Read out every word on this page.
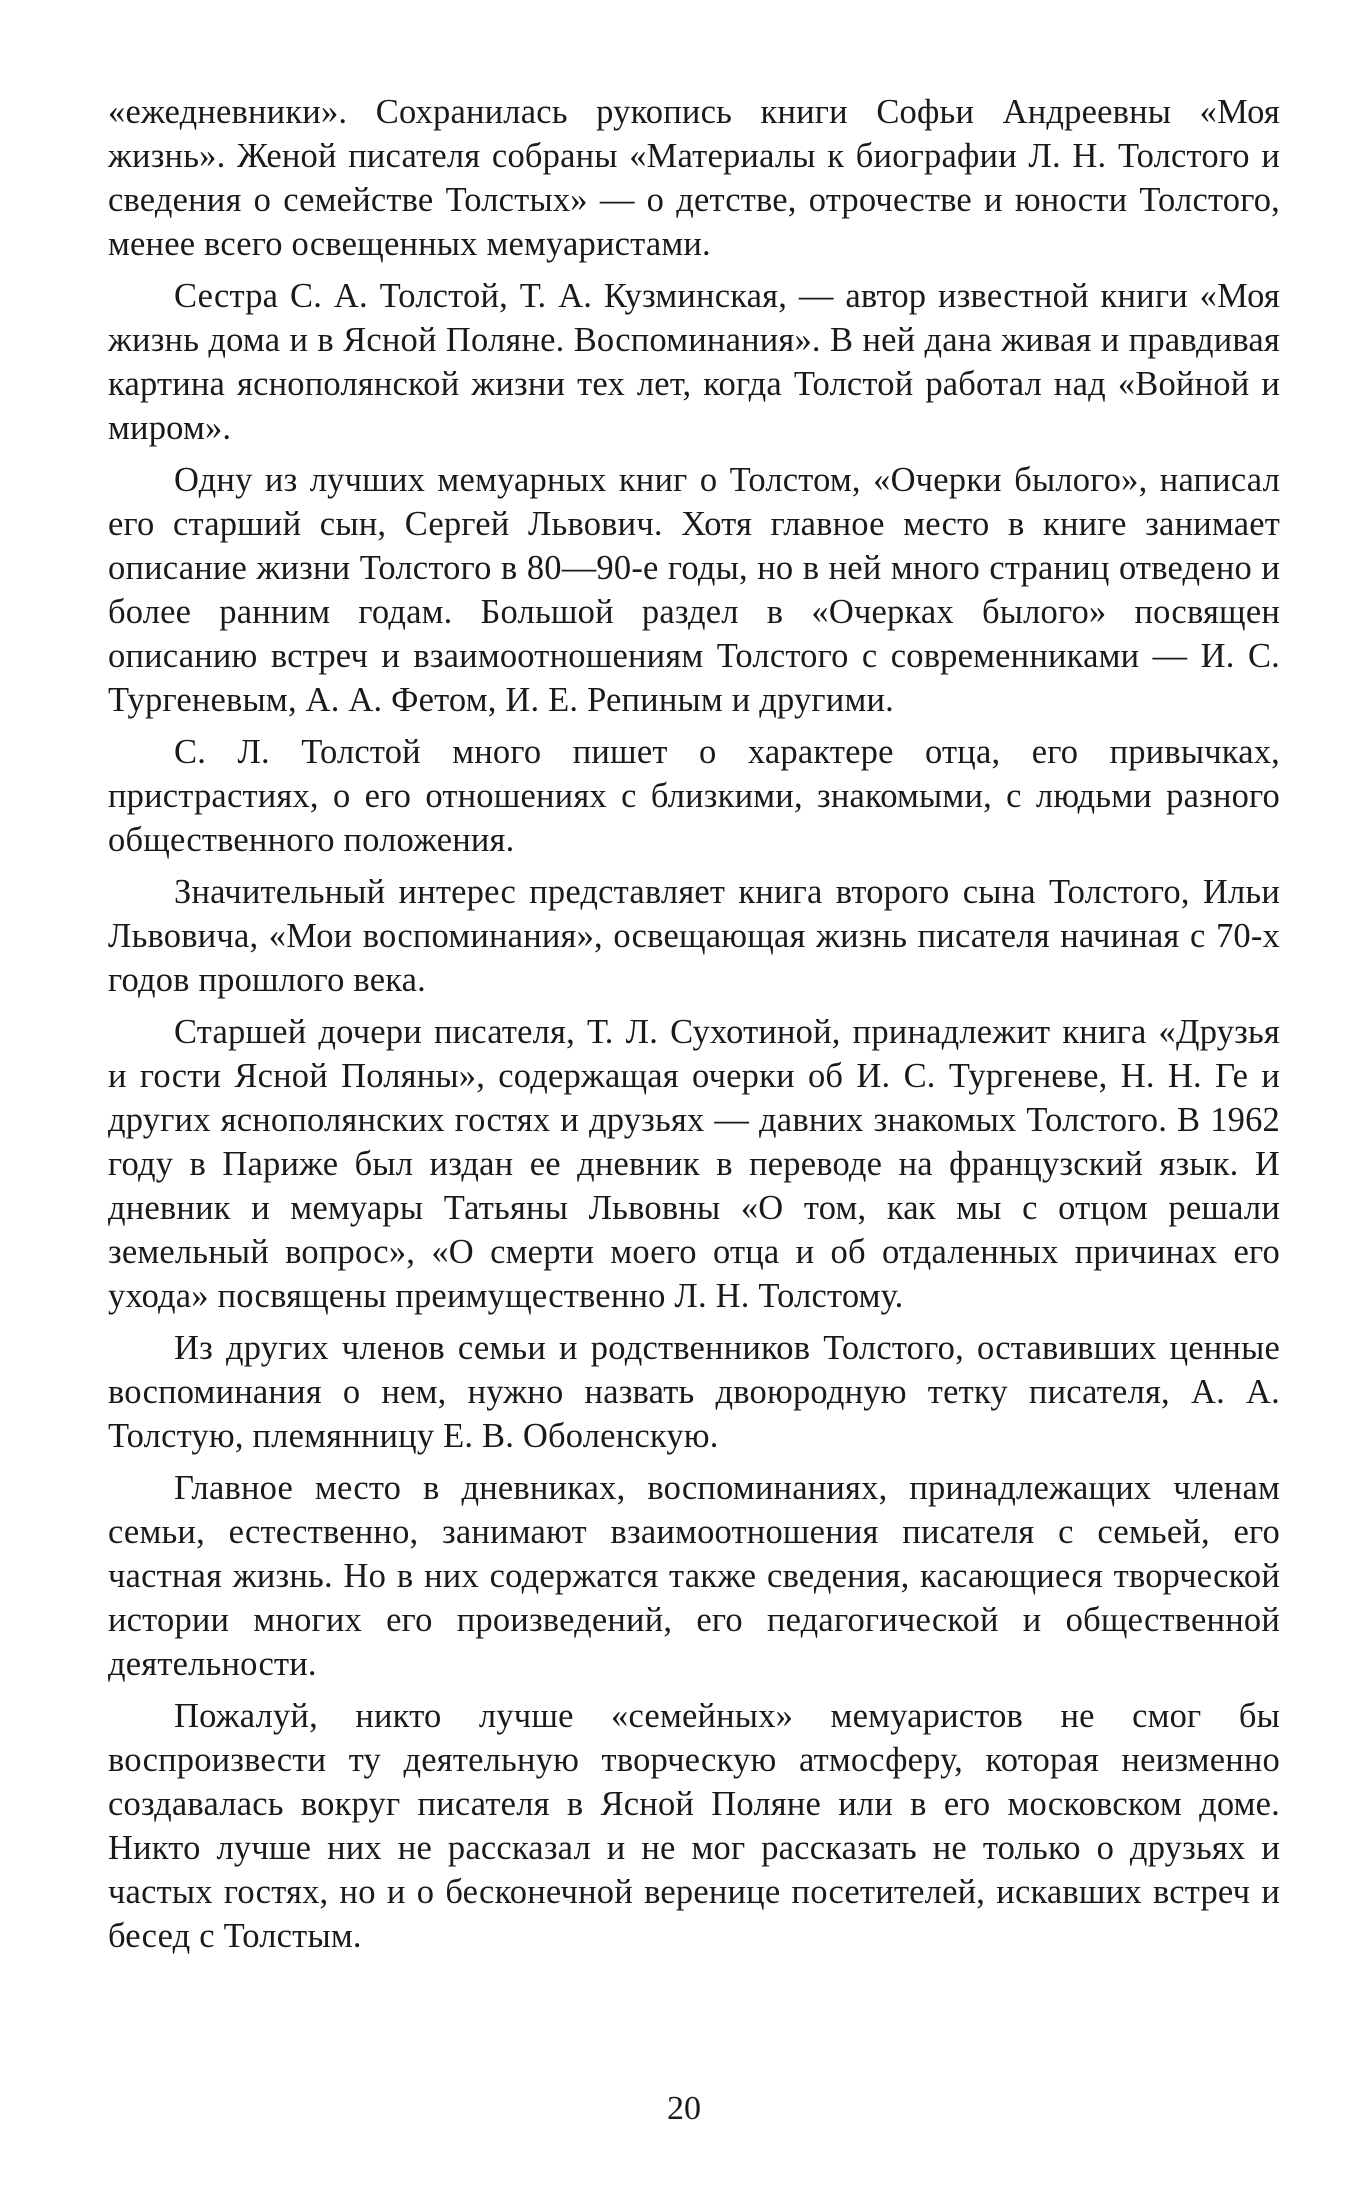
«ежедневники». Сохранилась рукопись книги Софьи Андреевны «Моя жизнь». Женой писателя собраны «Материалы к биографии Л. Н. Толстого и сведения о семействе Толстых» — о детстве, отрочестве и юности Толстого, менее всего освещенных мемуаристами.

Сестра С. А. Толстой, Т. А. Кузминская, — автор известной книги «Моя жизнь дома и в Ясной Поляне. Воспоминания». В ней дана живая и правдивая картина яснополянской жизни тех лет, когда Толстой работал над «Войной и миром».

Одну из лучших мемуарных книг о Толстом, «Очерки былого», написал его старший сын, Сергей Львович. Хотя главное место в книге занимает описание жизни Толстого в 80—90-е годы, но в ней много страниц отведено и более ранним годам. Большой раздел в «Очерках былого» посвящен описанию встреч и взаимоотношениям Толстого с современниками — И. С. Тургеневым, А. А. Фетом, И. Е. Репиным и другими.

С. Л. Толстой много пишет о характере отца, его привычках, пристрастиях, о его отношениях с близкими, знакомыми, с людьми разного общественного положения.

Значительный интерес представляет книга второго сына Толстого, Ильи Львовича, «Мои воспоминания», освещающая жизнь писателя начиная с 70-х годов прошлого века.

Старшей дочери писателя, Т. Л. Сухотиной, принадлежит книга «Друзья и гости Ясной Поляны», содержащая очерки об И. С. Тургеневе, Н. Н. Ге и других яснополянских гостях и друзьях — давних знакомых Толстого. В 1962 году в Париже был издан ее дневник в переводе на французский язык. И дневник и мемуары Татьяны Львовны «О том, как мы с отцом решали земельный вопрос», «О смерти моего отца и об отдаленных причинах его ухода» посвящены преимущественно Л. Н. Толстому.

Из других членов семьи и родственников Толстого, оставивших ценные воспоминания о нем, нужно назвать двоюродную тетку писателя, А. А. Толстую, племянницу Е. В. Оболенскую.

Главное место в дневниках, воспоминаниях, принадлежащих членам семьи, естественно, занимают взаимоотношения писателя с семьей, его частная жизнь. Но в них содержатся также сведения, касающиеся творческой истории многих его произведений, его педагогической и общественной деятельности.

Пожалуй, никто лучше «семейных» мемуаристов не смог бы воспроизвести ту деятельную творческую атмосферу, которая неизменно создавалась вокруг писателя в Ясной Поляне или в его московском доме. Никто лучше них не рассказал и не мог рассказать не только о друзьях и частых гостях, но и о бесконечной веренице посетителей, искавших встреч и бесед с Толстым.

20
